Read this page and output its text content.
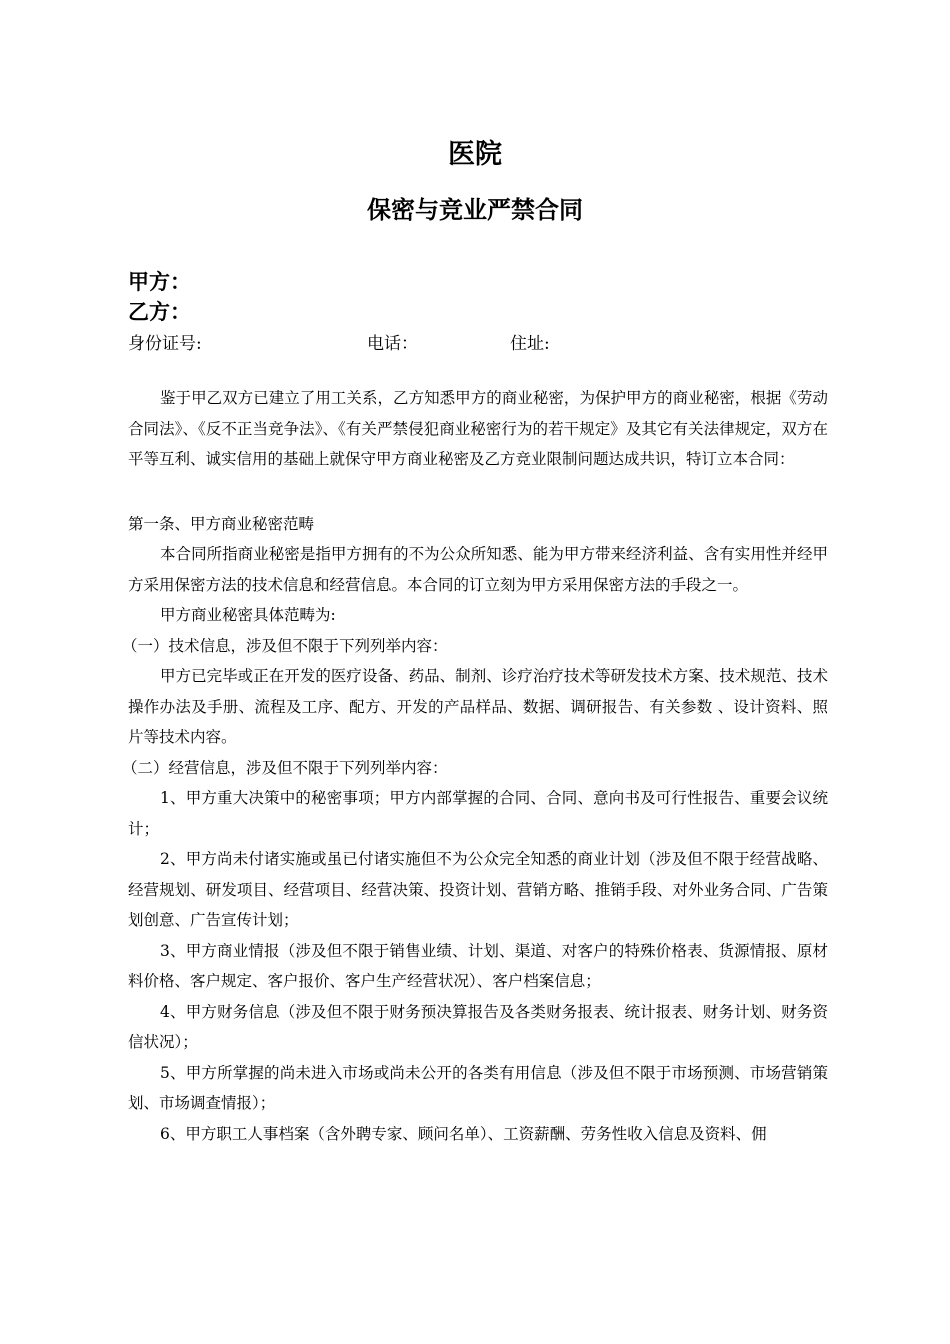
医院
保密与竞业严禁合同
甲方：
乙方：
身份证号:	电话：	住址:

鉴于甲乙双方已建立了用工关系，乙方知悉甲方的商业秘密，为保护甲方的商业秘密，根据《劳动合同法》、《反不正当竞争法》、《有关严禁侵犯商业秘密行为的若干规定》及其它有关法律规定，双方在平等互利、诚实信用的基础上就保守甲方商业秘密及乙方竞业限制问题达成共识，特订立本合同：

第一条、甲方商业秘密范畴

本合同所指商业秘密是指甲方拥有的不为公众所知悉、能为甲方带来经济利益、含有实用性并经甲方采用保密方法的技术信息和经营信息。本合同的订立刻为甲方采用保密方法的手段之一。

甲方商业秘密具体范畴为:

（一）技术信息，涉及但不限于下列列举内容：

甲方已完毕或正在开发的医疗设备、药品、制剂、诊疗治疗技术等研发技术方案、技术规范、技术操作办法及手册、流程及工序、配方、开发的产品样品、数据、调研报告、有关参数 、设计资料、照片等技术内容。

（二）经营信息，涉及但不限于下列列举内容：

1、甲方重大决策中的秘密事项；甲方内部掌握的合同、合同、意向书及可行性报告、重要会议统计；

2、甲方尚未付诸实施或虽已付诸实施但不为公众完全知悉的商业计划（涉及但不限于经营战略、经营规划、研发项目、经营项目、经营决策、投资计划、营销方略、推销手段、对外业务合同、广告策划创意、广告宣传计划；

3、甲方商业情报（涉及但不限于销售业绩、计划、渠道、对客户的特殊价格表、货源情报、原材料价格、客户规定、客户报价、客户生产经营状况）、客户档案信息；

4、甲方财务信息（涉及但不限于财务预决算报告及各类财务报表、统计报表、财务计划、财务资信状况）；

5、甲方所掌握的尚未进入市场或尚未公开的各类有用信息（涉及但不限于市场预测、市场营销策划、市场调查情报）；

6、甲方职工人事档案（含外聘专家、顾问名单）、工资薪酬、劳务性收入信息及资料、佣
